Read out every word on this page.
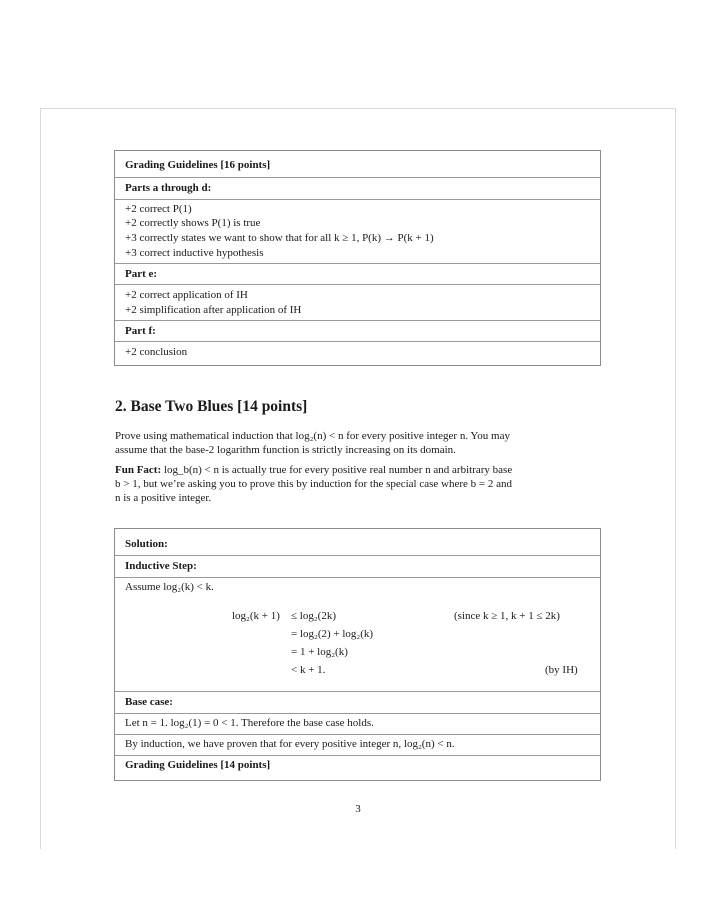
Grading Guidelines [16 points]
Parts a through d:
+2 correct P(1)
+2 correctly shows P(1) is true
+3 correctly states we want to show that for all k ≥ 1, P(k) → P(k + 1)
+3 correct inductive hypothesis
Part e:
+2 correct application of IH
+2 simplification after application of IH
Part f:
+2 conclusion
2. Base Two Blues [14 points]
Prove using mathematical induction that log₂(n) < n for every positive integer n. You may
assume that the base-2 logarithm function is strictly increasing on its domain.
Fun Fact: log_b(n) < n is actually true for every positive real number n and arbitrary base
b > 1, but we’re asking you to prove this by induction for the special case where b = 2 and
n is a positive integer.
Solution:
Inductive Step:
Assume log₂(k) < k.
log₂(k + 1) ≤ log₂(2k)	(since k ≥ 1, k + 1 ≤ 2k)
= log₂(2) + log₂(k)
= 1 + log₂(k)
< k + 1.	(by IH)
Base case:
Let n = 1. log₂(1) = 0 < 1. Therefore the base case holds.
By induction, we have proven that for every positive integer n, log₂(n) < n.
Grading Guidelines [14 points]
3
